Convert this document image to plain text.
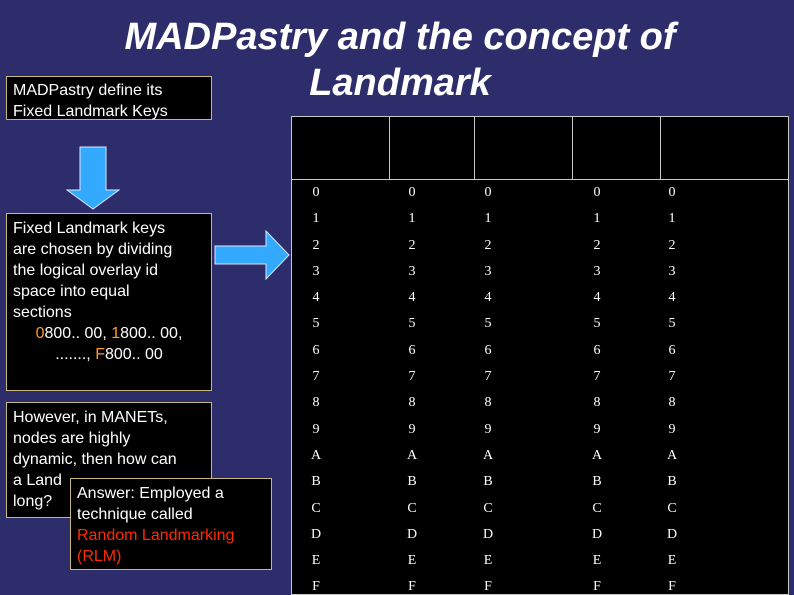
MADPastry and the concept of
Landmark
MADPastry define its
Fixed Landmark Keys
Fixed Landmark keys
are chosen by dividing
the logical overlay id
space into equal
sections
0800.. 00, 1800.. 00,
......., F800.. 00
However, in MANETs,
nodes are highly
dynamic, then how can
a Land
long?	Answer: Employed a
technique called
Random Landmarking
(RLM)
0
1
2
3
4
5
6
7
8
9
A
B
C
D
E
F
0
1
2
3
4
5
6
7
8
9
A
B
C
D
E
F
0
1
2
3
4
5
6
7
8
9
A
B
C
D
E
F
0
1
2
3
4
5
6
7
8
9
A
B
C
D
E
F
0
1
2
3
4
5
6
7
8
9
A
B
C
D
E
F
